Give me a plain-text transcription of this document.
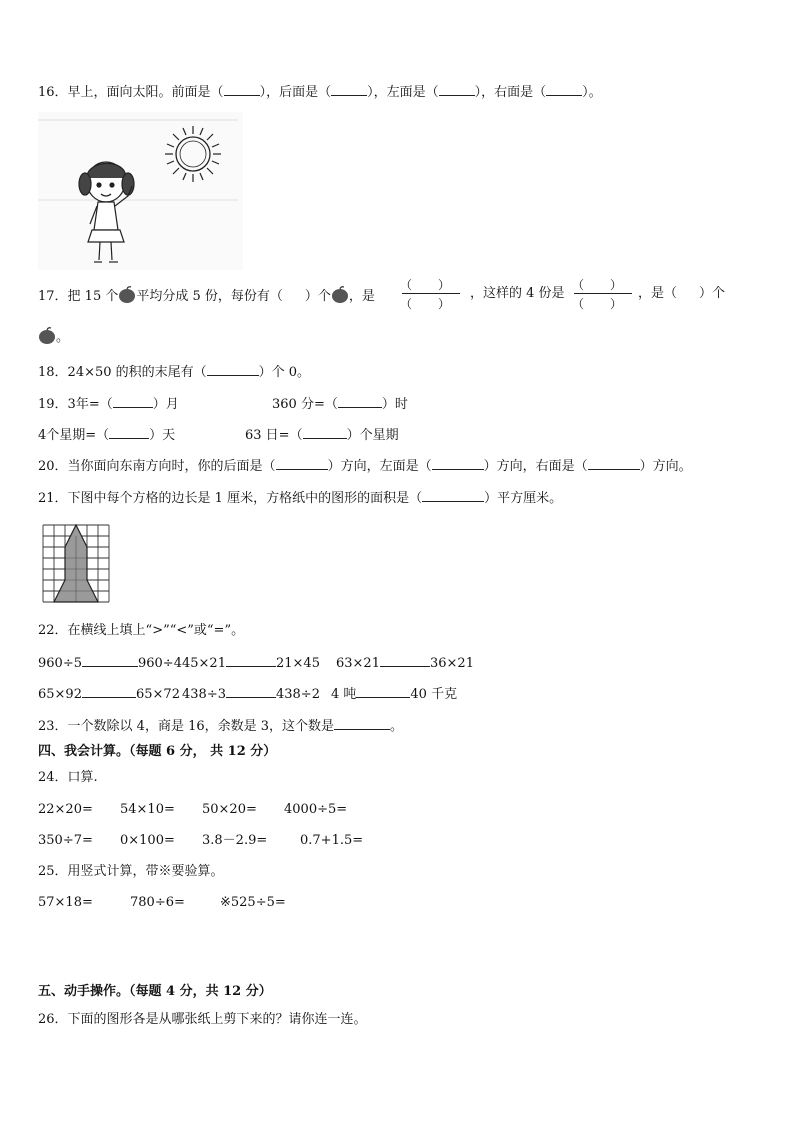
16．早上，面向太阳。前面是（	），后面是（	），左面是（	），右面是（	）。
17．把 15 个 平均分成 5 份，每份有（ ）个 ，是
（ ）
（ ）
，这样的 4 份是
（ ）
（ ）
，是（ ）个
。
18．24×50 的积的末尾有（	）个 0。
19．3年=（	）月	360 分=（	）时
4个星期=（	）天	63 日=（	）个星期
20．当你面向东南方向时，你的后面是（	）方向，左面是（	）方向，右面是（	）方向。
21．下图中每个方格的边长是 1 厘米，方格纸中的图形的面积是（	）平方厘米。
22．在横线上填上“>”“<”或“=”。
960÷5	960÷4 45×21	21×45 63×21	36×21
65×92	65×72 438÷3	438÷2 4 吨	40 千克
23．一个数除以 4，商是 16，余数是 3，这个数是	。
四、我会计算。（每题 6 分， 共 12 分）
24．口算.
22×20= 54×10= 50×20= 4000÷5=
350÷7= 0×100= 3.8－2.9=	0.7+1.5=
25．用竖式计算，带※要验算。
57×18=	780÷6=	※525÷5=
五、动手操作。（每题 4 分，共 12 分）
26．下面的图形各是从哪张纸上剪下来的？请你连一连。
